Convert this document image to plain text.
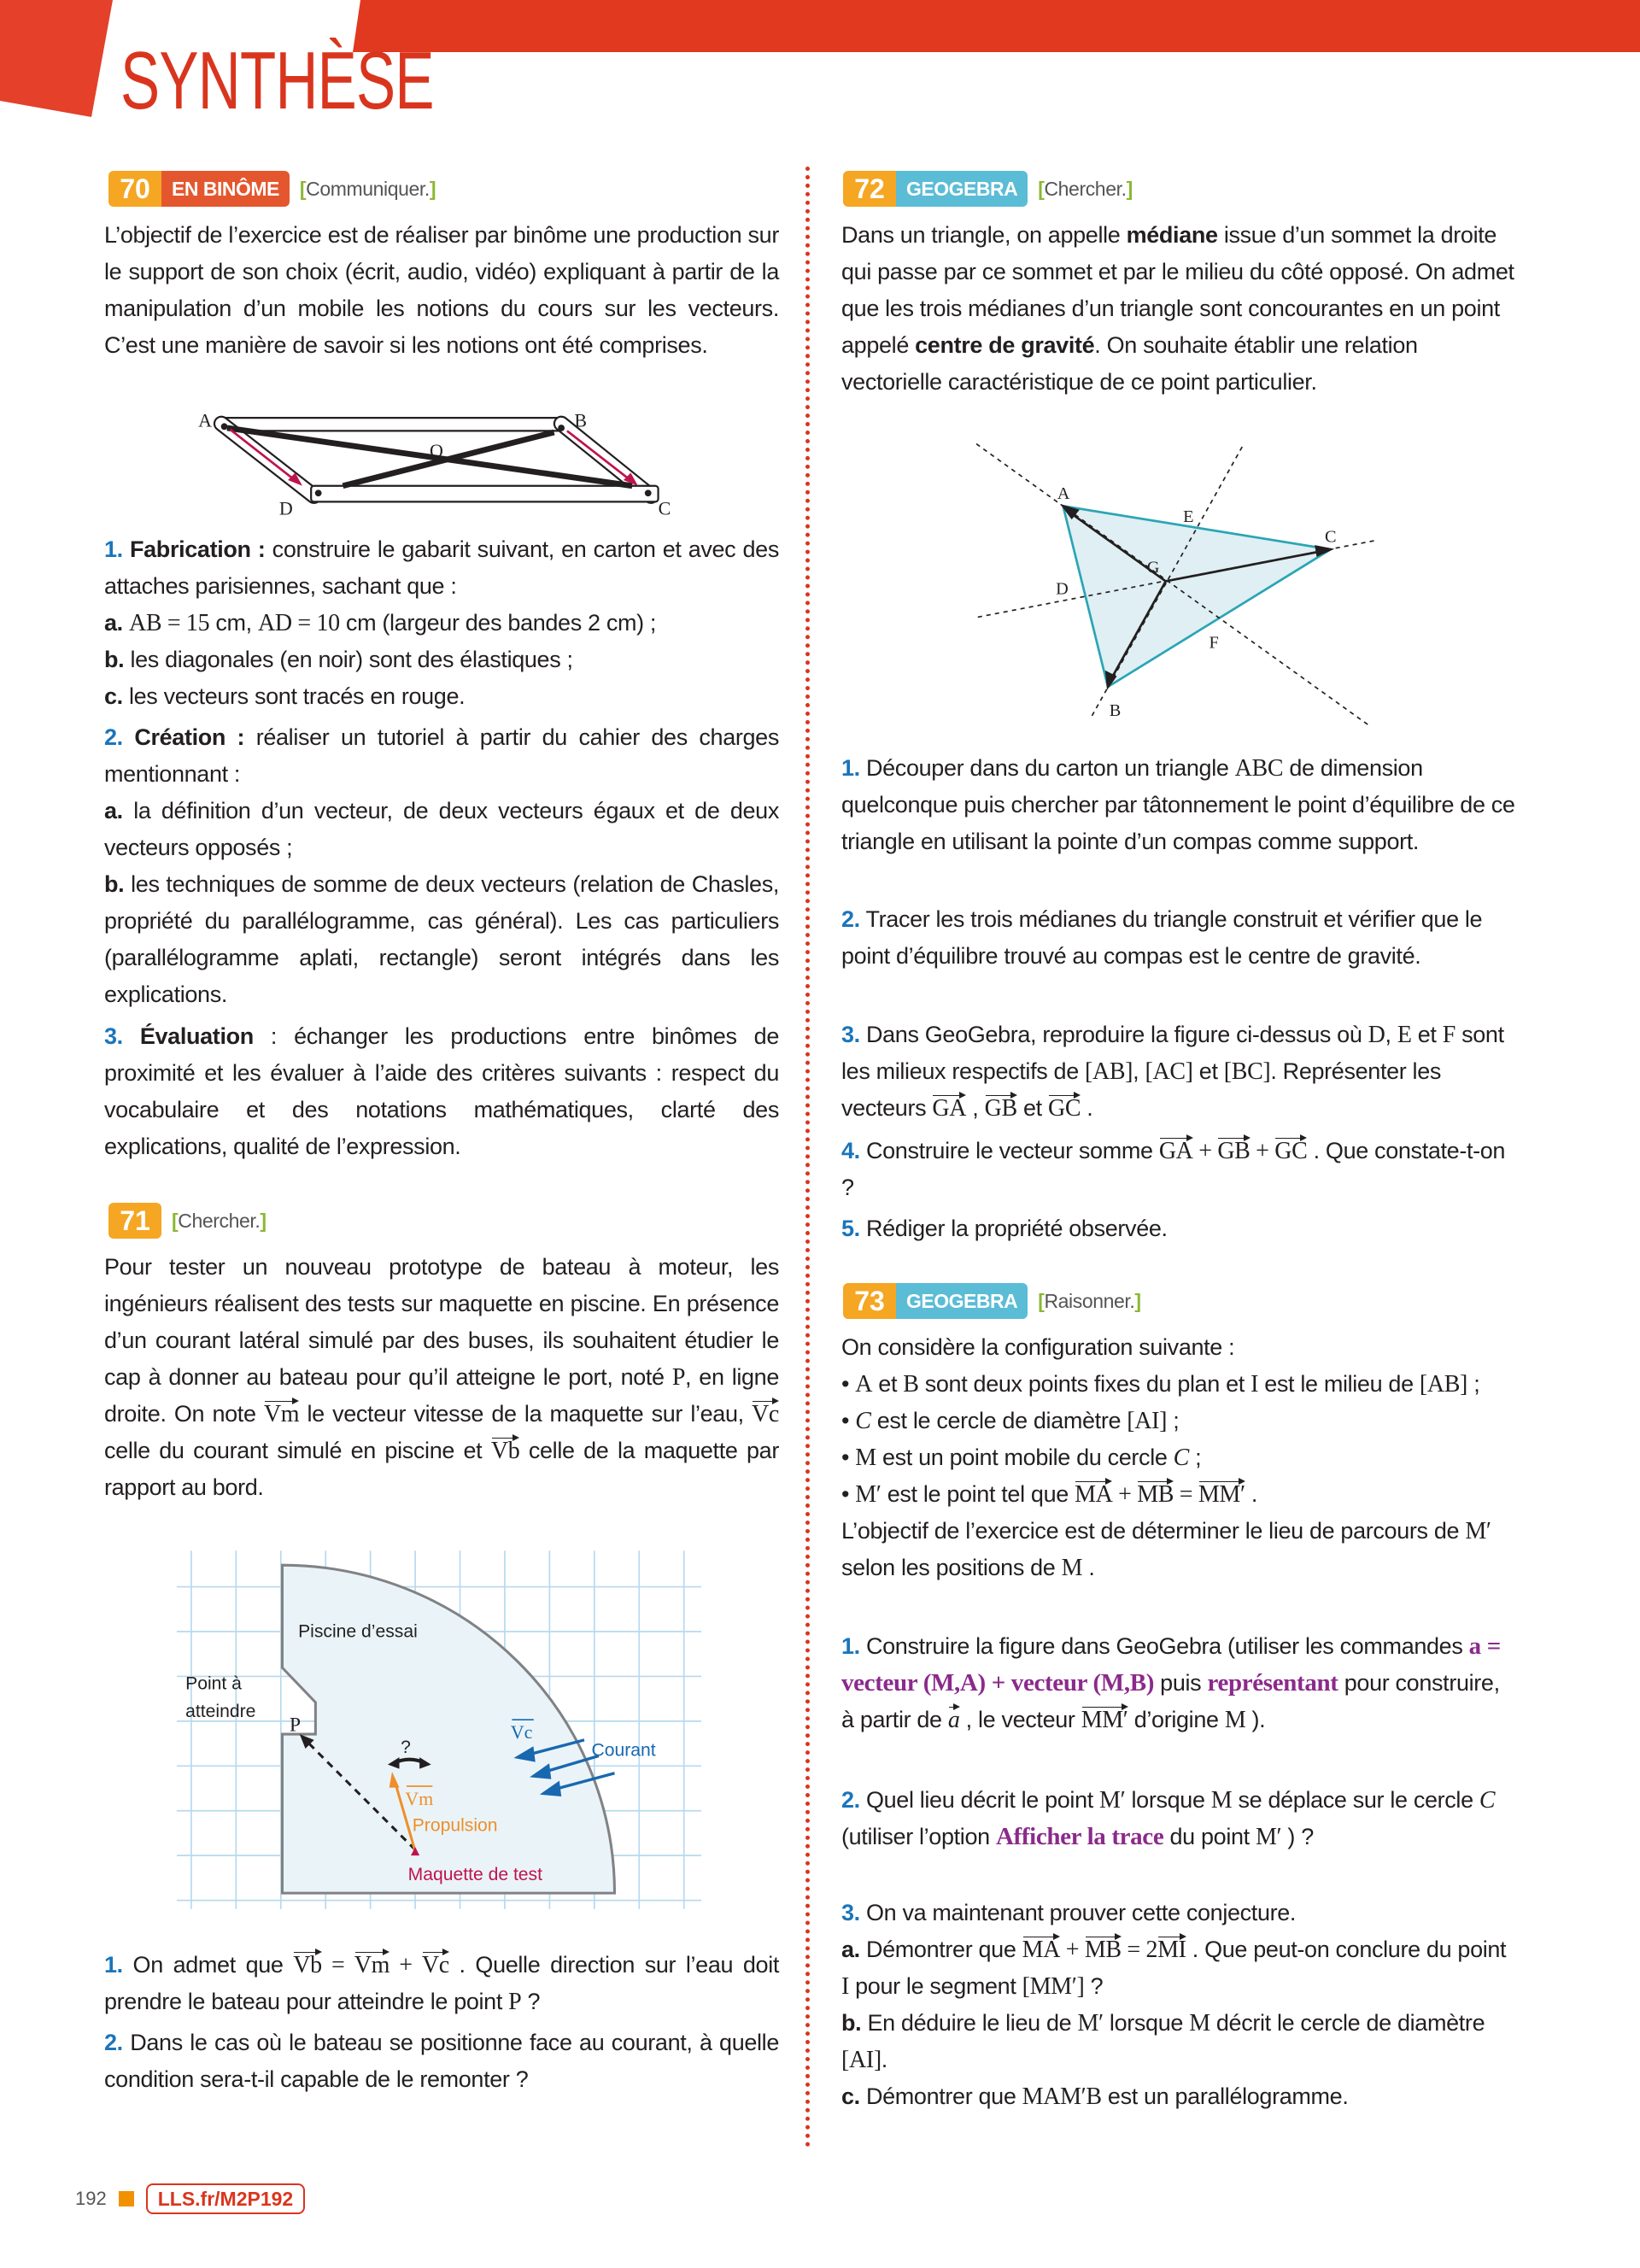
SYNTHÈSE
70	EN BINÔME	[Communiquer.]
L’objectif de l’exercice est de réaliser par binôme une production sur le support de son choix (écrit, audio, vidéo) expliquant à partir de la manipulation d’un mobile les notions du cours sur les vecteurs. C’est une manière de savoir si les notions ont été comprises.
A	B
O
D	C
1. Fabrication : construire le gabarit suivant, en carton et avec des attaches parisiennes, sachant que :
a. AB = 15 cm, AD = 10 cm (largeur des bandes 2 cm) ;
b. les diagonales (en noir) sont des élastiques ;
c. les vecteurs sont tracés en rouge.
2. Création : réaliser un tutoriel à partir du cahier des charges mentionnant :
a. la définition d’un vecteur, de deux vecteurs égaux et de deux vecteurs opposés ;
b. les techniques de somme de deux vecteurs (relation de Chasles, propriété du parallélogramme, cas général). Les cas particuliers (parallélogramme aplati, rectangle) seront intégrés dans les explications.
3. Évaluation : échanger les productions entre binômes de proximité et les évaluer à l’aide des critères suivants : respect du vocabulaire et des notations mathématiques, clarté des explications, qualité de l’expression.
71	[Chercher.]
Pour tester un nouveau prototype de bateau à moteur, les ingénieurs réalisent des tests sur maquette en piscine. En présence d’un courant latéral simulé par des buses, ils souhaitent étudier le cap à donner au bateau pour qu’il atteigne le port, noté P, en ligne droite. On note Vm le vecteur vitesse de la maquette sur l’eau, Vc celle du courant simulé en piscine et Vb celle de la maquette par rapport au bord.
Piscine d’essai
Point à
atteindre
?	Courant
Propulsion
Maquette de test
P	Vc
Vm
1. On admet que Vb = Vm + Vc . Quelle direction sur l’eau doit prendre le bateau pour atteindre le point P ?
2. Dans le cas où le bateau se positionne face au courant, à quelle condition sera-t-il capable de le remonter ?
72	GEOGEBRA	[Chercher.]
Dans un triangle, on appelle médiane issue d’un sommet la droite qui passe par ce sommet et par le milieu du côté opposé. On admet que les trois médianes d’un triangle sont concourantes en un point appelé centre de gravité. On souhaite établir une relation vectorielle caractéristique de ce point particulier.
A
E
C
G
D
F
B
1. Découper dans du carton un triangle ABC de dimension quelconque puis chercher par tâtonnement le point d’équilibre de ce triangle en utilisant la pointe d’un compas comme support.
2. Tracer les trois médianes du triangle construit et vérifier que le point d’équilibre trouvé au compas est le centre de gravité.
3. Dans GeoGebra, reproduire la figure ci-dessus où D, E et F sont les milieux respectifs de [AB], [AC] et [BC]. Représenter les vecteurs GA , GB et GC .
4. Construire le vecteur somme GA + GB + GC . Que constate-t-on ?
5. Rédiger la propriété observée.
73	GEOGEBRA	[Raisonner.]
On considère la configuration suivante :
• A et B sont deux points fixes du plan et I est le milieu de [AB] ;
• C est le cercle de diamètre [AI] ;
• M est un point mobile du cercle C ;
• M′ est le point tel que MA + MB = MM′ .
L’objectif de l’exercice est de déterminer le lieu de parcours de M′ selon les positions de M .
1. Construire la figure dans GeoGebra (utiliser les commandes a = vecteur (M,A) + vecteur (M,B) puis représentant pour construire, à partir de a , le vecteur MM′ d’origine M ).
2. Quel lieu décrit le point M′ lorsque M se déplace sur le cercle C (utiliser l’option Afficher la trace du point M′ ) ?
3. On va maintenant prouver cette conjecture.
a. Démontrer que MA + MB = 2MI . Que peut-on conclure du point I pour le segment [MM′] ?
b. En déduire le lieu de M′ lorsque M décrit le cercle de diamètre [AI].
c. Démontrer que MAM′B est un parallélogramme.
192	LLS.fr/M2P192
